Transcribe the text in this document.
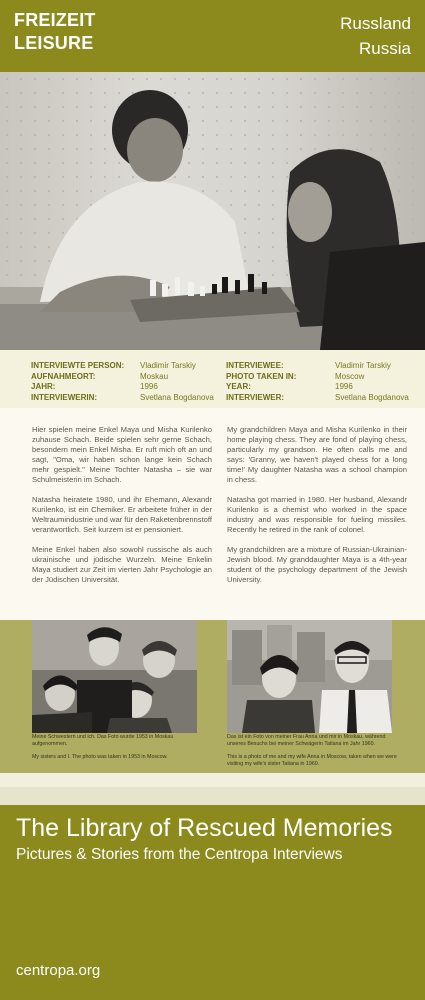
FREIZEIT
LEISURE
Russland
Russia
INTERVIEWTE PERSON:
AUFNAHMEORT:
JAHR:
INTERVIEWERIN:
Vladimir Tarskiy
Moskau
1996
Svetlana Bogdanova
INTERVIEWEE:
PHOTO TAKEN IN:
YEAR:
INTERVIEWER:
Vladimir Tarskiy
Moscow
1996
Svetlana Bogdanova

Hier spielen meine Enkel Maya und Misha Kurilenko zuhause Schach. Beide spielen sehr gerne Schach, besondern mein Enkel Misha. Er ruft mich oft an und sagt, "Oma, wir haben schon lange kein Schach mehr gespielt." Meine Tochter Natasha – sie war Schulmeisterin im Schach.

Natasha heiratete 1980, und ihr Ehemann, Alexandr Kurilenko, ist ein Chemiker. Er arbeitete früher in der Weltraumindustrie und war für den Raketenbrennstoff verantwortlich. Seit kurzem ist er pensioniert.

Meine Enkel haben also sowohl russische als auch ukrainische und jüdische Wurzeln. Meine Enkelin Maya studiert zur Zeit im vierten Jahr Psychologie an der Jüdischen Universität.

My grandchildren Maya and Misha Kurilenko in their home playing chess. They are fond of playing chess, particularly my grandson. He often calls me and says: 'Granny, we haven't played chess for a long time!' My daughter Natasha was a school champion in chess.

Natasha got married in 1980. Her husband, Alexandr Kurilenko is a chemist who worked in the space industry and was responsible for fueling missiles. Recently he retired in the rank of colonel.

My grandchildren are a mixture of Russian-Ukrainian-Jewish blood. My granddaughter Maya is a 4th-year student of the psychology department of the Jewish University.

Meine Schwestern und ich. Das Foto wurde 1953 in Moskau aufgenommen.

My sisters and I. The photo was taken in 1953 in Moscow.

Das ist ein Foto von meiner Frau Anna und mir in Moskau, während unseres Besuchs bei meiner Schwägerin Tatiana im Jahr 1960.

This is a photo of me and my wife Anna in Moscow, taken when we were visiting my wife's sister Tatiana in 1960.

The Library of Rescued Memories
Pictures & Stories from the Centropa Interviews
centropa.org
